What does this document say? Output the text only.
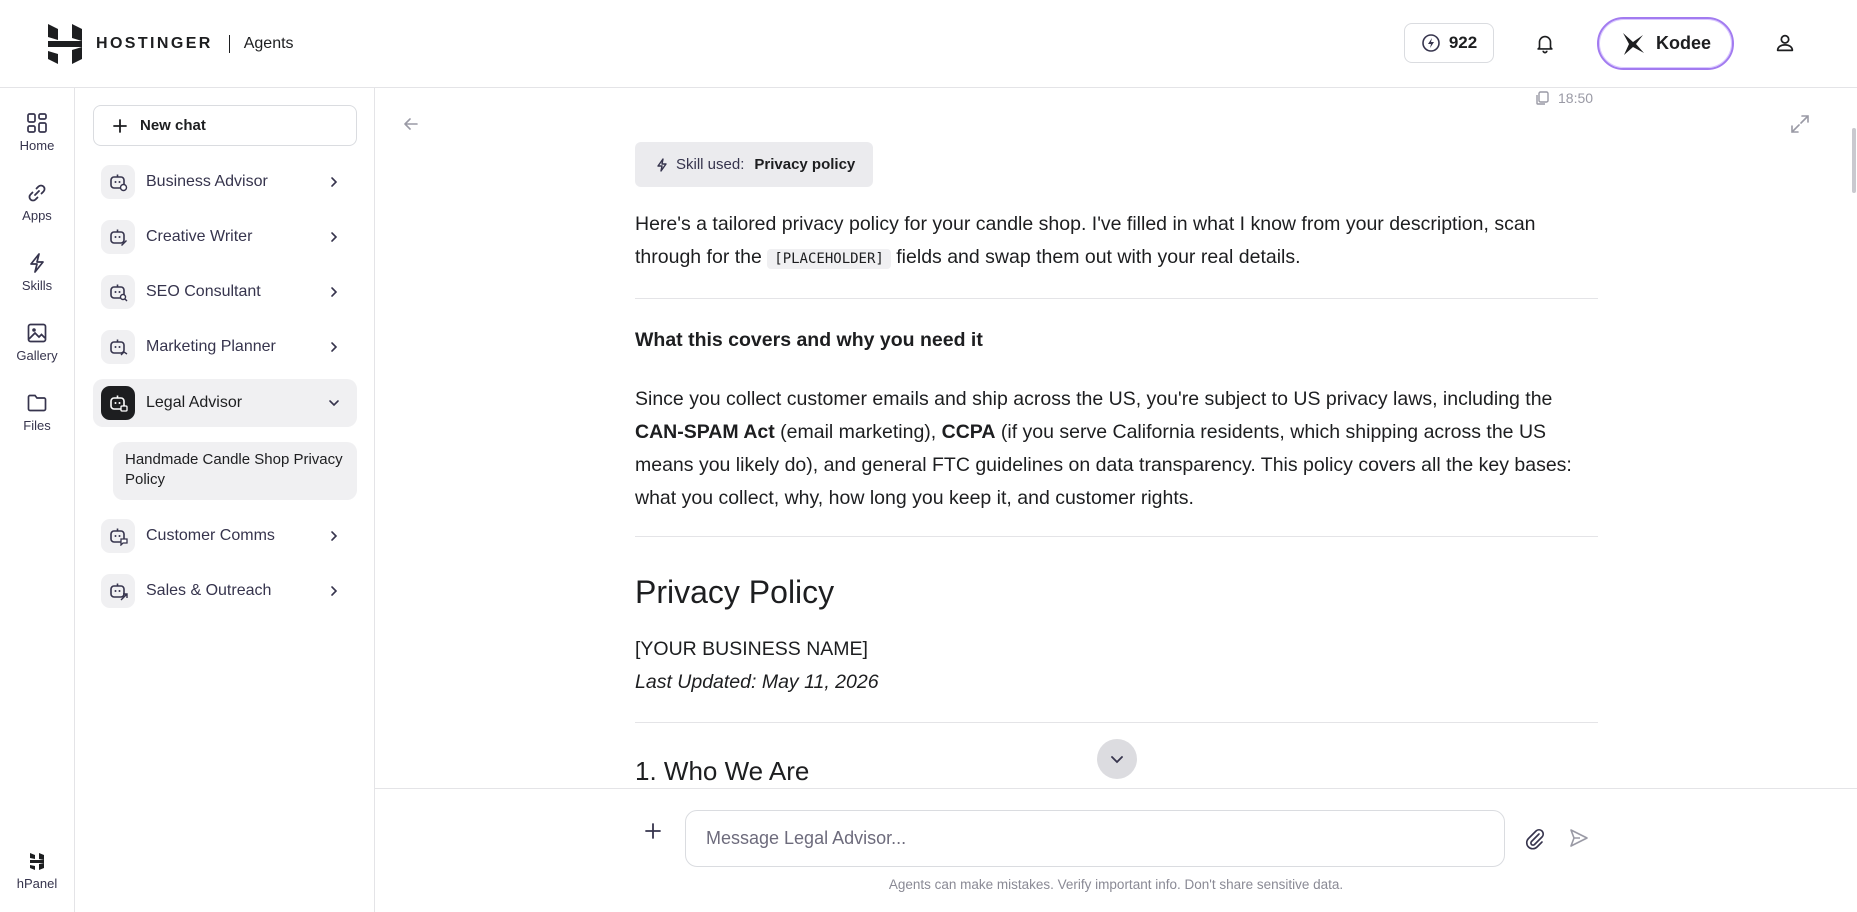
HOSTINGER Agents	922	Kodee
Home
Apps
Skills
Gallery
Files
hPanel
New chat
Business Advisor
Creative Writer
SEO Consultant
Marketing Planner
Legal Advisor
Handmade Candle Shop Privacy Policy
Customer Comms
Sales & Outreach
18:50
Skill used: Privacy policy
Here's a tailored privacy policy for your candle shop. I've filled in what I know from your description, scan through for the [PLACEHOLDER] fields and swap them out with your real details.
What this covers and why you need it
Since you collect customer emails and ship across the US, you're subject to US privacy laws, including the CAN-SPAM Act (email marketing), CCPA (if you serve California residents, which shipping across the US means you likely do), and general FTC guidelines on data transparency. This policy covers all the key bases: what you collect, why, how long you keep it, and customer rights.
Privacy Policy
[YOUR BUSINESS NAME]
Last Updated: May 11, 2026
1. Who We Are
Message Legal Advisor...
Agents can make mistakes. Verify important info. Don't share sensitive data.
